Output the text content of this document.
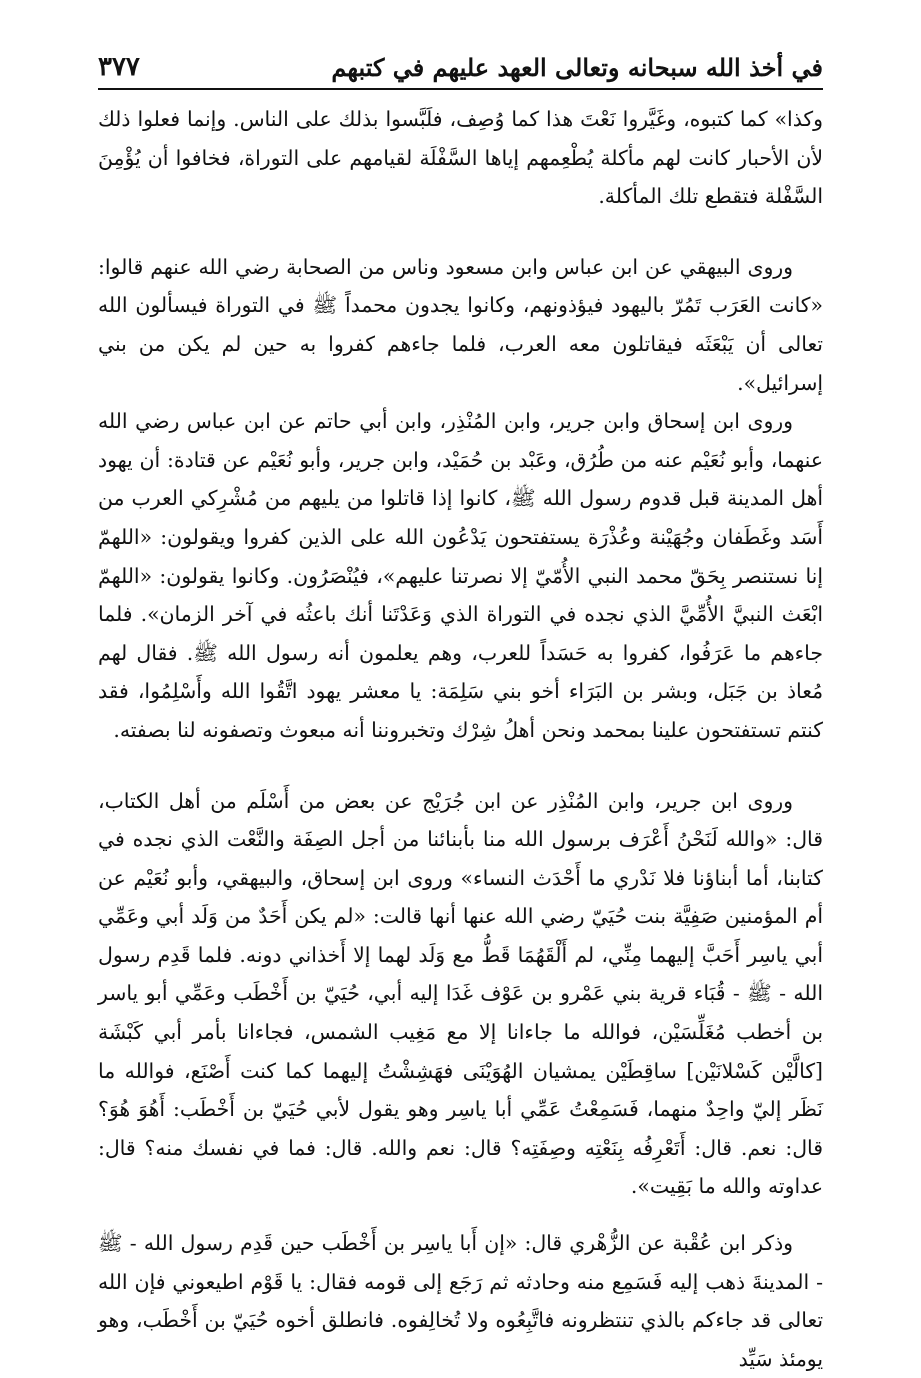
في أخذ الله سبحانه وتعالى العهد عليهم في كتبهم
٣٧٧

وكذا» كما كتبوه، وغَيَّروا نَعْتَ هذا كما وُصِف، فلَبَّسوا بذلك على الناس. وإنما فعلوا ذلك لأن الأحبار كانت لهم مأكلة يُطْعِمهم إياها السَّفْلَة لقيامهم على التوراة، فخافوا أن يُؤْمِنَ السَّفْلة فتقطع تلك المأكلة.

وروى البيهقي عن ابن عباس وابن مسعود وناس من الصحابة رضي الله عنهم قالوا: «كانت العَرَب تَمُرّ باليهود فيؤذونهم، وكانوا يجدون محمداً ﷺ في التوراة فيسألون الله تعالى أن يَبْعَثَه فيقاتلون معه العرب، فلما جاءهم كفروا به حين لم يكن من بني إسرائيل».

وروى ابن إسحاق وابن جرير، وابن المُنْذِر، وابن أبي حاتم عن ابن عباس رضي الله عنهما، وأبو نُعَيْم عنه من طُرُق، وعَبْد بن حُمَيْد، وابن جرير، وأبو نُعَيْم عن قتادة: أن يهود أهل المدينة قبل قدوم رسول الله ﷺ، كانوا إذا قاتلوا من يليهم من مُشْرِكي العرب من أَسَد وغَطَفان وجُهَيْنة وعُذْرَة يستفتحون يَدْعُون الله على الذين كفروا ويقولون: «اللهمّ إنا نستنصر بِحَقّ محمد النبي الأُمّيّ إلا نصرتنا عليهم»، فيُنْصَرُون. وكانوا يقولون: «اللهمّ ابْعَث النبيَّ الأُمِّيَّ الذي نجده في التوراة الذي وَعَدْتَنا أنك باعثُه في آخر الزمان». فلما جاءهم ما عَرَفُوا، كفروا به حَسَداً للعرب، وهم يعلمون أنه رسول الله ﷺ. فقال لهم مُعاذ بن جَبَل، وبشر بن البَرَاء أخو بني سَلِمَة: يا معشر يهود اتَّقُوا الله وأَسْلِمُوا، فقد كنتم تستفتحون علينا بمحمد ونحن أهلُ شِرْك وتخبروننا أنه مبعوث وتصفونه لنا بصفته.

وروى ابن جرير، وابن المُنْذِر عن ابن جُرَيْج عن بعض من أَسْلَم من أهل الكتاب، قال: «والله لَنَحْنُ أَعْرَف برسول الله منا بأبنائنا من أجل الصِفَة والنَّعْت الذي نجده في كتابنا، أما أبناؤنا فلا نَدْري ما أَحْدَث النساء» وروى ابن إسحاق، والبيهقي، وأبو نُعَيْم عن أم المؤمنين صَفِيَّة بنت حُيَيّ رضي الله عنها أنها قالت: «لم يكن أَحَدٌ من وَلَد أبي وعَمِّي أبي ياسِر أَحَبَّ إليهما مِنِّي، لم أَلْقَهُمَا قَطُّ مع وَلَد لهما إلا أَخذاني دونه. فلما قَدِم رسول الله - ﷺ - قُبَاء قرية بني عَمْرو بن عَوْف غَدَا إليه أبي، حُيَيّ بن أَخْطَب وعَمِّي أبو ياسر بن أخطب مُغَلِّسَيْن، فوالله ما جاءانا إلا مع مَغِيب الشمس، فجاءانا بأمر أبي كَبْشَة [كالَّيْن كَسْلانَيْن] ساقِطَيْن يمشيان الهُوَيْنَى فهَشِشْتُ إليهما كما كنت أَصْنَع، فوالله ما نَظَر إليّ واحِدٌ منهما، فَسَمِعْتُ عَمِّي أبا ياسِر وهو يقول لأبي حُيَيّ بن أَخْطَب: أَهُوَ هُوَ؟ قال: نعم. قال: أَتَعْرِفُه بِنَعْتِه وصِفَتِه؟ قال: نعم والله. قال: فما في نفسك منه؟ قال: عداوته والله ما بَقِيت».

وذكر ابن عُقْبة عن الزُّهْري قال: «إن أَبا ياسِر بن أَخْطَب حين قَدِم رسول الله - ﷺ - المدينةَ ذهب إليه فَسَمِع منه وحادثه ثم رَجَع إلى قومه فقال: يا قَوْم اطيعوني فإن الله تعالى قد جاءكم بالذي تنتظرونه فاتَّبِعُوه ولا تُخالِفوه. فانطلق أخوه حُيَيّ بن أَخْطَب، وهو يومئذ سَيِّد
